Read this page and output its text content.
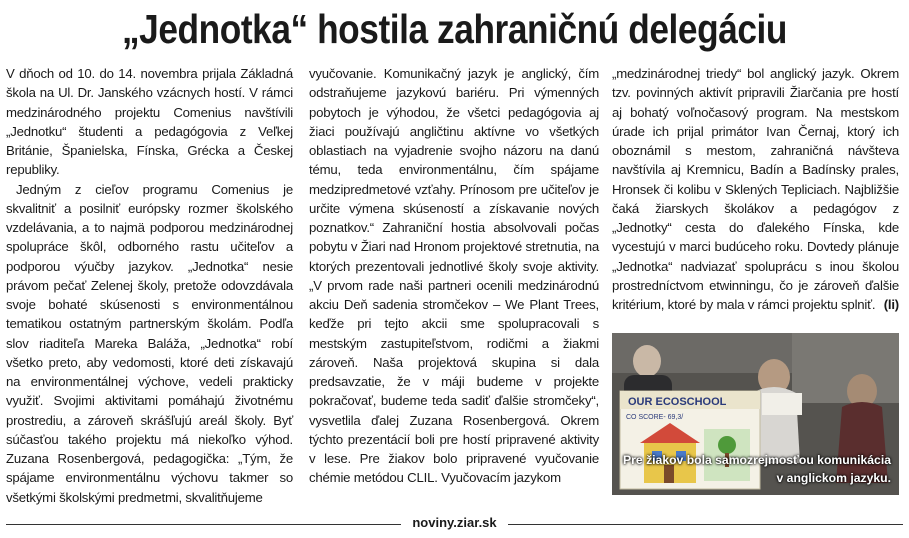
„Jednotka“ hostila zahraničnú delegáciu

V dňoch od 10. do 14. novembra prijala Základná škola na Ul. Dr. Janského vzácnych hostí. V rámci medzinárodného projektu Comenius navštívili „Jednotku“ študenti a pedagógovia z Veľkej Británie, Španielska, Fínska, Grécka a Českej republiky.

Jedným z cieľov programu Comenius je skvalitniť a posilniť európsky rozmer školského vzdelávania, a to najmä podporou medzinárodnej spolupráce škôl, odborného rastu učiteľov a podporou výučby jazykov. „Jednotka“ nesie právom pečať Zelenej školy, pretože odovzdávala svoje bohaté skúsenosti s environmentálnou tematikou ostatným partnerským školám. Podľa slov riaditeľa Mareka Baláža, „Jednotka“ robí všetko preto, aby vedomosti, ktoré deti získavajú na environmentálnej výchove, vedeli prakticky využiť. Svojimi aktivitami pomáhajú životnému prostrediu, a zároveň skrášľujú areál školy. Byť súčasťou takého projektu má niekoľko výhod. Zuzana Rosenbergová, pedagogička: „Tým, že spájame environmentálnu výchovu takmer so všetkými školskými predmetmi, skvalitňujeme

vyučovanie. Komunikačný jazyk je anglický, čím odstraňujeme jazykovú bariéru. Pri výmenných pobytoch je výhodou, že všetci pedagógovia aj žiaci používajú angličtinu aktívne vo všetkých oblastiach na vyjadrenie svojho názoru na danú tému, teda environmentálnu, čím spájame medzipredmetové vzťahy. Prínosom pre učiteľov je určite výmena skúseností a získavanie nových poznatkov.“ Zahraniční hostia absolvovali počas pobytu v Žiari nad Hronom projektové stretnutia, na ktorých prezentovali jednotlivé školy svoje aktivity. „V prvom rade naši partneri ocenili medzinárodnú akciu Deň sadenia stromčekov – We Plant Trees, keďže pri tejto akcii sme spolupracovali s mestským zastupiteľstvom, rodičmi a žiakmi zároveň. Naša projektová skupina si dala predsavzatie, že v máji budeme v projekte pokračovať, budeme teda sadiť ďalšie stromčeky“, vysvetlila ďalej Zuzana Rosenbergová. Okrem týchto prezentácií boli pre hostí pripravené aktivity v lese. Pre žiakov bolo pripravené vyučovanie chémie metódou CLIL. Vyučovacím jazykom

„medzinárodnej triedy“ bol anglický jazyk. Okrem tzv. povinných aktivít pripravili Žiarčania pre hostí aj bohatý voľnočasový program. Na mestskom úrade ich prijal primátor Ivan Černaj, ktorý ich oboznámil s mestom, zahraničná návšteva navštívila aj Kremnicu, Badín a Badínsky prales, Hronsek či kolibu v Sklených Tepliciach. Najbližšie čaká žiarskych školákov a pedagógov z „Jednotky“ cesta do ďalekého Fínska, kde vycestujú v marci budúceho roku. Dovtedy plánuje „Jednotka“ nadviazať spoluprácu s inou školou prostredníctvom etwinningu, čo je zároveň ďalšie kritérium, ktoré by mala v rámci projektu splniť. (li)

OUR ECOSCHOOL
CO SCORE- 69,3/
Pre žiakov bola samozrejmosťou komunikácia
v anglickom jazyku.
noviny.ziar.sk
